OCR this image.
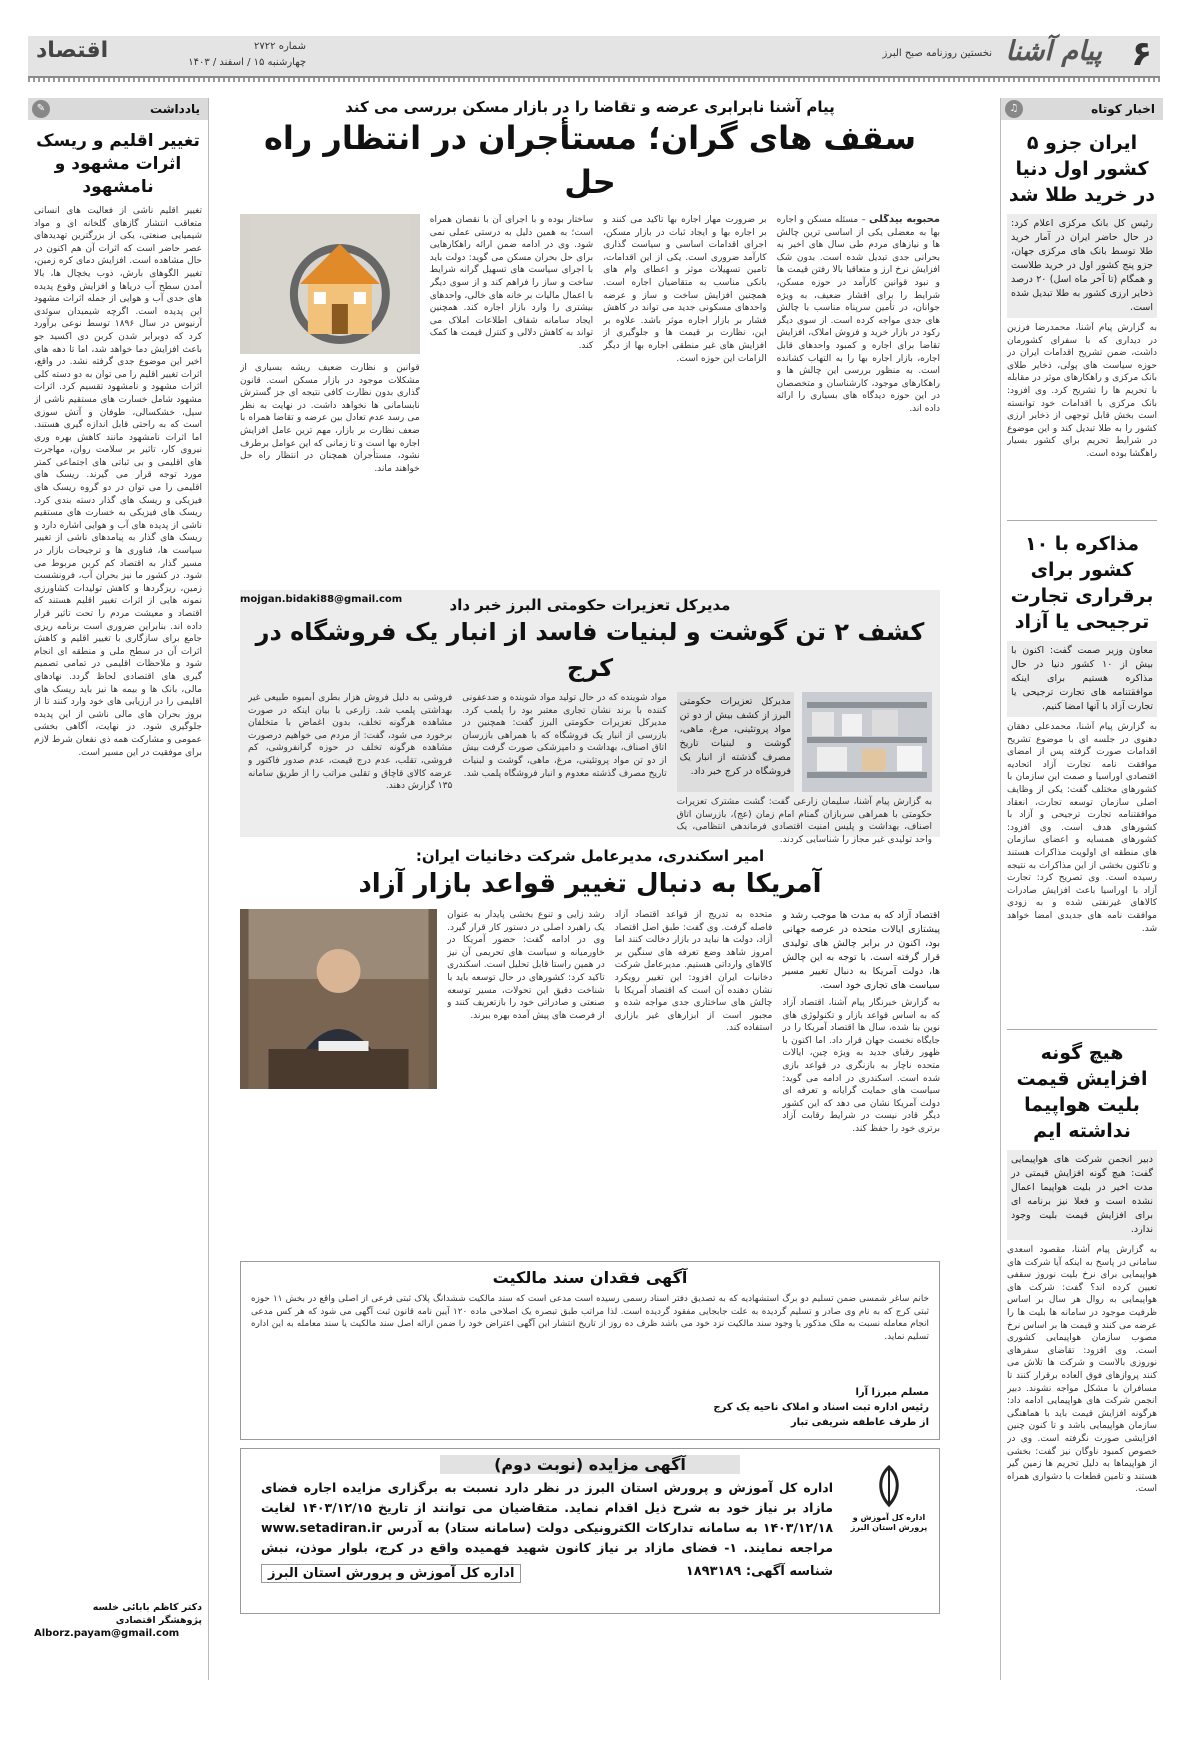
۶
پیام آشنا
نخستین روزنامه صبح البرز
شماره ۲۷۲۲
چهارشنبه ۱۵ / اسفند / ۱۴۰۳
اقتصاد
اخبار کوتاه
♫
ایران جزو ۵ کشور اول دنیا در خرید طلا شد
رئیس کل بانک مرکزی اعلام کرد: در حال حاضر ایران در آمار خرید طلا توسط بانک های مرکزی جهان، جزو پنج کشور اول در خرید طلاست و همگام (تا آخر ماه اسل) ۲۰ درصد ذخایر ارزی کشور به طلا تبدیل شده است.
به گزارش پیام آشنا، محمدرضا فرزین در دیداری که با سفرای کشورمان داشت، ضمن تشریح اقدامات ایران در حوزه سیاست های پولی، ذخایر طلای بانک مرکزی و راهکارهای موثر در مقابله با تحریم ها را تشریح کرد. وی افزود: بانک مرکزی با اقدامات خود توانسته است بخش قابل توجهی از ذخایر ارزی کشور را به طلا تبدیل کند و این موضوع در شرایط تحریم برای کشور بسیار راهگشا بوده است.
مذاکره با ۱۰ کشور برای برقراری تجارت ترجیحی یا آزاد
معاون وزیر صمت گفت: اکنون با بیش از ۱۰ کشور دنیا در حال مذاکره هستیم برای اینکه موافقتنامه های تجارت ترجیحی یا تجارت آزاد با آنها امضا کنیم.
به گزارش پیام آشنا، محمدعلی دهقان دهنوی در جلسه ای با موضوع تشریح اقدامات صورت گرفته پس از امضای موافقت نامه تجارت آزاد اتحادیه اقتصادی اوراسیا و صمت این سازمان با کشورهای مختلف گفت: یکی از وظایف اصلی سازمان توسعه تجارت، انعقاد موافقتنامه تجارت ترجیحی و آزاد با کشورهای هدف است. وی افزود: کشورهای همسایه و اعضای سازمان های منطقه ای اولویت مذاکرات هستند و تاکنون بخشی از این مذاکرات به نتیجه رسیده است. وی تصریح کرد: تجارت آزاد با اوراسیا باعث افزایش صادرات کالاهای غیرنفتی شده و به زودی موافقت نامه های جدیدی امضا خواهد شد.
هیچ گونه افزایش قیمت بلیت هواپیما نداشته ایم
دبیر انجمن شرکت های هواپیمایی گفت: هیچ گونه افزایش قیمتی در مدت اخیر در بلیت هواپیما اعمال نشده است و فعلا نیز برنامه ای برای افزایش قیمت بلیت وجود ندارد.
به گزارش پیام آشنا، مقصود اسعدی سامانی در پاسخ به اینکه آیا شرکت های هواپیمایی برای نرخ بلیت نوروز سقفی تعیین کرده اند؟ گفت: شرکت های هواپیمایی به روال هر سال بر اساس ظرفیت موجود در سامانه ها بلیت ها را عرضه می کنند و قیمت ها بر اساس نرخ مصوب سازمان هواپیمایی کشوری است. وی افزود: تقاضای سفرهای نوروزی بالاست و شرکت ها تلاش می کنند پروازهای فوق العاده برقرار کنند تا مسافران با مشکل مواجه نشوند. دبیر انجمن شرکت های هواپیمایی ادامه داد: هرگونه افزایش قیمت باید با هماهنگی سازمان هواپیمایی باشد و تا کنون چنین افزایشی صورت نگرفته است. وی در خصوص کمبود ناوگان نیز گفت: بخشی از هواپیماها به دلیل تحریم ها زمین گیر هستند و تامین قطعات با دشواری همراه است.
پیام آشنا نابرابری عرضه و تقاضا را در بازار مسکن بررسی می کند
سقف های گران؛ مستأجران در انتظار راه حل
محبوبه بیدگلی – مسئله مسکن و اجاره بها به معضلی یکی از اساسی ترین چالش ها و نیازهای مردم طی سال های اخیر به بحرانی جدی تبدیل شده است. بدون شک افزایش نرخ ارز و متعاقبا بالا رفتن قیمت ها و نبود قوانین کارآمد در حوزه مسکن، شرایط را برای اقشار ضعیف، به ویژه جوانان، در تأمین سرپناه مناسب با چالش های جدی مواجه کرده است. از سوی دیگر رکود در بازار خرید و فروش املاک، افزایش تقاضا برای اجاره و کمبود واحدهای قابل اجاره، بازار اجاره بها را به التهاب کشانده است. به منظور بررسی این چالش ها و راهکارهای موجود، کارشناسان و متخصصان در این حوزه دیدگاه های بسیاری را ارائه داده اند.
بر ضرورت مهار اجاره بها تاکید می کنند و بر اجاره بها و ایجاد ثبات در بازار مسکن، اجرای اقدامات اساسی و سیاست گذاری کارآمد ضروری است. یکی از این اقدامات، تامین تسهیلات موثر و اعطای وام های بانکی مناسب به متقاضیان اجاره است. همچنین افزایش ساخت و ساز و عرضه واحدهای مسکونی جدید می تواند در کاهش فشار بر بازار اجاره موثر باشد. علاوه بر این، نظارت بر قیمت ها و جلوگیری از افزایش های غیر منطقی اجاره بها از دیگر الزامات این حوزه است.
ساختار بوده و با اجرای آن با نقصان همراه است؛ به همین دلیل به درستی عملی نمی شود. وی در ادامه ضمن ارائه راهکارهایی برای حل بحران مسکن می گوید: دولت باید با اجرای سیاست های تسهیل گرانه شرایط ساخت و ساز را فراهم کند و از سوی دیگر با اعمال مالیات بر خانه های خالی، واحدهای بیشتری را وارد بازار اجاره کند. همچنین ایجاد سامانه شفاف اطلاعات املاک می تواند به کاهش دلالی و کنترل قیمت ها کمک کند.
قوانین و نظارت ضعیف ریشه بسیاری از مشکلات موجود در بازار مسکن است. قانون گذاری بدون نظارت کافی نتیجه ای جز گسترش نابسامانی ها نخواهد داشت. در نهایت به نظر می رسد عدم تعادل بین عرضه و تقاضا همراه با ضعف نظارت بر بازار، مهم ترین عامل افزایش اجاره بها است و تا زمانی که این عوامل برطرف نشود، مستأجران همچنان در انتظار راه حل خواهند ماند.
mojgan.bidaki88@gmail.com	مدیرکل تعزیرات حکومتی البرز خبر داد
کشف ۲ تن گوشت و لبنیات فاسد از انبار یک فروشگاه در کرج
مدیرکل تعزیرات حکومتی البرز از کشف بیش از دو تن مواد پروتئینی، مرغ، ماهی، گوشت و لبنیات تاریخ مصرف گذشته از انبار یک فروشگاه در کرج خبر داد.
به گزارش پیام آشنا، سلیمان زارعی گفت: گشت مشترک تعزیرات حکومتی با همراهی سربازان گمنام امام زمان (عج)، بازرسان اتاق اصناف، بهداشت و پلیس امنیت اقتصادی فرماندهی انتظامی، یک واحد تولیدی غیر مجاز را شناسایی کردند.
مواد شوینده که در حال تولید مواد شوینده و ضدعفونی کننده با برند نشان تجاری معتبر بود را پلمب کرد. مدیرکل تعزیرات حکومتی البرز گفت: همچنین در بازرسی از انبار یک فروشگاه که با همراهی بازرسان اتاق اصناف، بهداشت و دامپزشکی صورت گرفت بیش از دو تن مواد پروتئینی، مرغ، ماهی، گوشت و لبنیات تاریخ مصرف گذشته معدوم و انبار فروشگاه پلمب شد.
فروشی به دلیل فروش هزار بطری آبمیوه طبیعی غیر بهداشتی پلمب شد. زارعی با بیان اینکه در صورت مشاهده هرگونه تخلف، بدون اغماض با متخلفان برخورد می شود، گفت: از مردم می خواهیم درصورت مشاهده هرگونه تخلف در حوزه گرانفروشی، کم فروشی، تقلب، عدم درج قیمت، عدم صدور فاکتور و عرضه کالای قاچاق و تقلبی مراتب را از طریق سامانه ۱۳۵ گزارش دهند.
امیر اسکندری، مدیرعامل شرکت دخانیات ایران:
آمریکا به دنبال تغییر قواعد بازار آزاد
اقتصاد آزاد که به مدت ها موجب رشد و پیشتازی ایالات متحده در عرصه جهانی بود، اکنون در برابر چالش های تولیدی قرار گرفته است. با توجه به این چالش ها، دولت آمریکا به دنبال تغییر مسیر سیاست های تجاری خود است.
به گزارش خبرنگار پیام آشنا، اقتصاد آزاد که به اساس قواعد بازار و تکنولوژی های نوین بنا شده، سال ها اقتصاد آمریکا را در جایگاه نخست جهان قرار داد. اما اکنون با ظهور رقبای جدید به ویژه چین، ایالات متحده ناچار به بازنگری در قواعد بازی شده است. اسکندری در ادامه می گوید: سیاست های حمایت گرایانه و تعرفه ای دولت آمریکا نشان می دهد که این کشور دیگر قادر نیست در شرایط رقابت آزاد برتری خود را حفظ کند.
متحده به تدریج از قواعد اقتصاد آزاد فاصله گرفت. وی گفت: طبق اصل اقتصاد آزاد، دولت ها نباید در بازار دخالت کنند اما امروز شاهد وضع تعرفه های سنگین بر کالاهای وارداتی هستیم. مدیرعامل شرکت دخانیات ایران افزود: این تغییر رویکرد نشان دهنده آن است که اقتصاد آمریکا با چالش های ساختاری جدی مواجه شده و مجبور است از ابزارهای غیر بازاری استفاده کند.
رشد زایی و تنوع بخشی پایدار به عنوان یک راهبرد اصلی در دستور کار قرار گیرد. وی در ادامه گفت: حضور آمریکا در خاورمیانه و سیاست های تحریمی آن نیز در همین راستا قابل تحلیل است. اسکندری تاکید کرد: کشورهای در حال توسعه باید با شناخت دقیق این تحولات، مسیر توسعه صنعتی و صادراتی خود را بازتعریف کنند و از فرصت های پیش آمده بهره ببرند.
آگهی فقدان سند مالکیت
خانم ساغر شمسی ضمن تسلیم دو برگ استشهادیه که به تصدیق دفتر اسناد رسمی رسیده است مدعی است که سند مالکیت ششدانگ پلاک ثبتی فرعی از اصلی واقع در بخش ۱۱ حوزه ثبتی کرج که به نام وی صادر و تسلیم گردیده به علت جابجایی مفقود گردیده است. لذا مراتب طبق تبصره یک اصلاحی ماده ۱۲۰ آیین نامه قانون ثبت آگهی می شود که هر کس مدعی انجام معامله نسبت به ملک مذکور یا وجود سند مالکیت نزد خود می باشد ظرف ده روز از تاریخ انتشار این آگهی اعتراض خود را ضمن ارائه اصل سند مالکیت یا سند معامله به این اداره تسلیم نماید.
مسلم میرزا آرا
رئیس اداره ثبت اسناد و املاک ناحیه یک کرج
از طرف عاطفه شریفی تبار
اداره کل آموزش و پرورش استان البرز
آگهی مزایده (نوبت دوم)
اداره کل آموزش و پرورش استان البرز در نظر دارد نسبت به برگزاری مزایده اجاره فضای مازاد بر نیاز خود به شرح ذیل اقدام نماید. متقاضیان می توانند از تاریخ ۱۴۰۳/۱۲/۱۵ لغایت ۱۴۰۳/۱۲/۱۸ به سامانه تدارکات الکترونیکی دولت (سامانه ستاد) به آدرس www.setadiran.ir مراجعه نمایند. ۱- فضای مازاد بر نیاز کانون شهید فهمیده واقع در کرج، بلوار موذن، نبش
شناسه آگهی: ۱۸۹۳۱۸۹
اداره کل آموزش و پرورش استان البرز
یادداشت
✎
تغییر اقلیم و ریسک اثرات مشهود و نامشهود
تغییر اقلیم ناشی از فعالیت های انسانی متعاقب انتشار گازهای گلخانه ای و مواد شیمیایی صنعتی، یکی از بزرگترین تهدیدهای عصر حاضر است که اثرات آن هم اکنون در حال مشاهده است. افزایش دمای کره زمین، تغییر الگوهای بارش، ذوب یخچال ها، بالا آمدن سطح آب دریاها و افزایش وقوع پدیده های حدی آب و هوایی از جمله اثرات مشهود این پدیده است. اگرچه شیمیدان سوئدی آرنیوس در سال ۱۸۹۶ توسط نوعی برآورد کرد که دوبرابر شدن کربن دی اکسید جو باعث افزایش دما خواهد شد، اما تا دهه های اخیر این موضوع جدی گرفته نشد. در واقع، اثرات تغییر اقلیم را می توان به دو دسته کلی اثرات مشهود و نامشهود تقسیم کرد. اثرات مشهود شامل خسارت های مستقیم ناشی از سیل، خشکسالی، طوفان و آتش سوزی است که به راحتی قابل اندازه گیری هستند. اما اثرات نامشهود مانند کاهش بهره وری نیروی کار، تاثیر بر سلامت روان، مهاجرت های اقلیمی و بی ثباتی های اجتماعی کمتر مورد توجه قرار می گیرند. ریسک های اقلیمی را می توان در دو گروه ریسک های فیزیکی و ریسک های گذار دسته بندی کرد. ریسک های فیزیکی به خسارت های مستقیم ناشی از پدیده های آب و هوایی اشاره دارد و ریسک های گذار به پیامدهای ناشی از تغییر سیاست ها، فناوری ها و ترجیحات بازار در مسیر گذار به اقتصاد کم کربن مربوط می شود. در کشور ما نیز بحران آب، فرونشست زمین، ریزگردها و کاهش تولیدات کشاورزی نمونه هایی از اثرات تغییر اقلیم هستند که اقتصاد و معیشت مردم را تحت تاثیر قرار داده اند. بنابراین ضروری است برنامه ریزی جامع برای سازگاری با تغییر اقلیم و کاهش اثرات آن در سطح ملی و منطقه ای انجام شود و ملاحظات اقلیمی در تمامی تصمیم گیری های اقتصادی لحاظ گردد. نهادهای مالی، بانک ها و بیمه ها نیز باید ریسک های اقلیمی را در ارزیابی های خود وارد کنند تا از بروز بحران های مالی ناشی از این پدیده جلوگیری شود. در نهایت، آگاهی بخشی عمومی و مشارکت همه ذی نفعان شرط لازم برای موفقیت در این مسیر است.
دکتر کاظم بابائی خلسه
پژوهشگر اقتصادی
Alborz.payam@gmail.com
